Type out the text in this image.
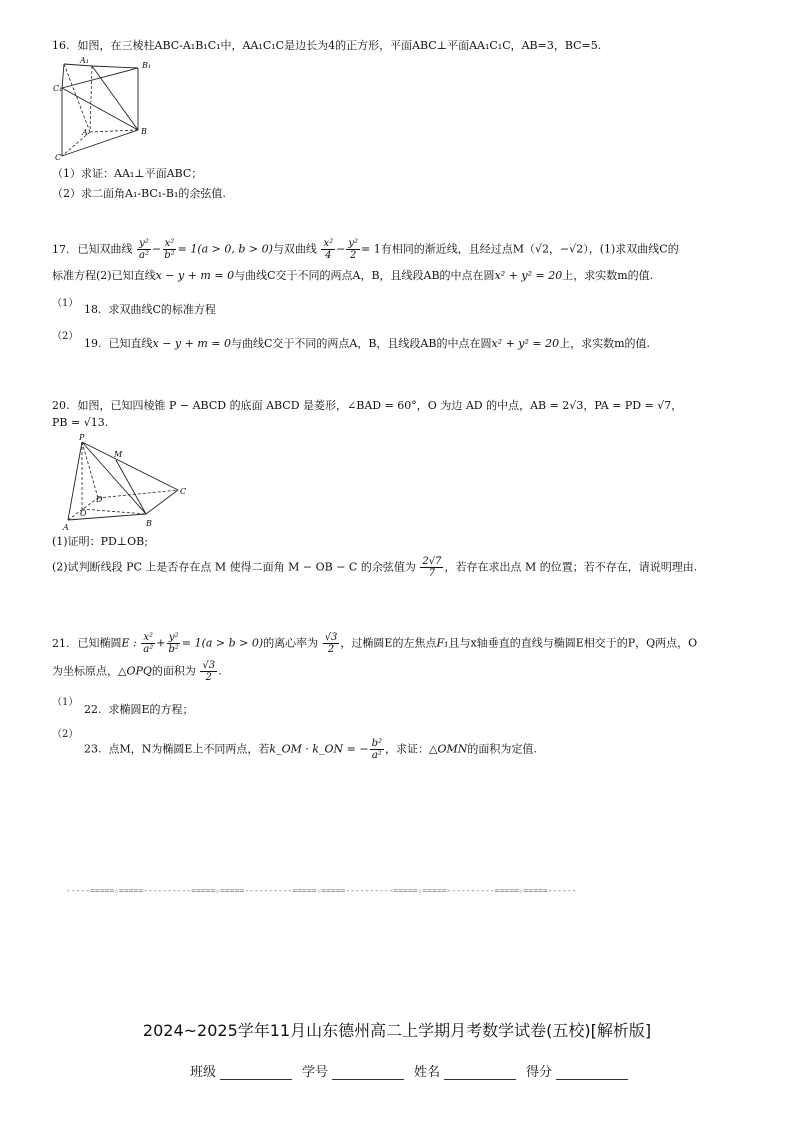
16. 如图，在三棱柱ABC-A₁B₁C₁中，AA₁C₁C是边长为4的正方形，平面ABC⊥平面AA₁C₁C，AB=3，BC=5.
A₁
B₁
C₁
A	B
C
（1）求证：AA₁⊥平面ABC；
（2）求二面角A₁-BC₁-B₁的余弦值.
17. 已知双曲线 $\frac{\text{y²}}{\text{a²}} - \frac{\text{x²}}{\text{b²}} = 1(a > 0$, b > 0)与双曲线 $\frac{\text{x²}}{4} - \frac{\text{y²}}{2} = 1$有相同的渐近线，且经过点M（√2，−√2），(1)求双曲线C的
标准方程(2)已知直线x − y + m = 0与曲线C交于不同的两点A，B，且线段AB的中点在圆x² + y² = 20上，求实数m的值.
（1） 18. 求双曲线C的标准方程
（2）
19. 已知直线x − y + m = 0与曲线C交于不同的两点A，B，且线段AB的中点在圆x² + y² = 20上，求实数m的值.
20. 如图，已知四棱锥 P − ABCD 的底面 ABCD 是菱形，∠BAD = 60°，O 为边 AD 的中点，AB = 2√3，PA = PD = √7，
PB = √13.
P
M
D
O
A	B
C
(1)证明：PD⊥OB;
(2)试判断线段 PC 上是否存在点 M 使得二面角 M − OB − C 的余弦值为 $\frac{2√7}{7}$ ，若存在求出点 M 的位置；若不存在，请说明理由.
21. 已知椭圆E : $\frac{\text{x²}}{\text{a²}} + \frac{\text{y²}}{\text{b²}} = 1(a > b > 0)$的离心率为 $\frac{√3}{2}$ ，过椭圆E的左焦点F₁且与x轴垂直的直线与椭圆E相交于的P，Q两点，O
为坐标原点，△OPQ的面积为 $\frac{√3}{2}$ .
（1）
22. 求椭圆E的方程；
（2）
23. 点M，N为椭圆E上不同两点，若k_OM · k_ON = − $\frac{\text{b²}}{\text{a²}}$ ，求证：△OMN的面积为定值.
-----=====☆=====----------=====☆=====----------=====☆=====----------=====☆=====----------=====☆=====------
2024~2025学年11月山东德州高二上学期月考数学试卷(五校)[解析版]
班级	学号	姓名	得分
